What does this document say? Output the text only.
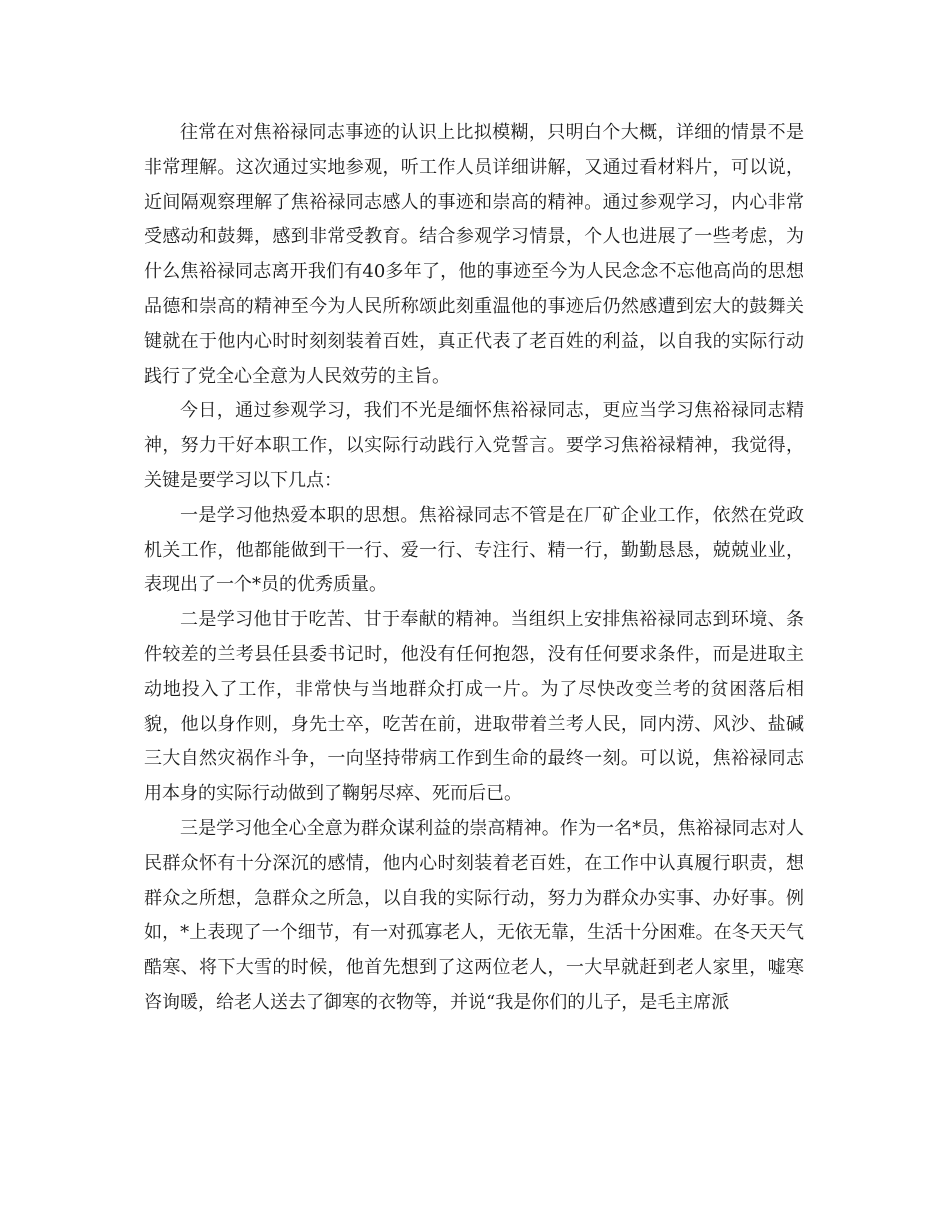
往常在对焦裕禄同志事迹的认识上比拟模糊，只明白个大概，详细的情景不是非常理解。这次通过实地参观，听工作人员详细讲解，又通过看材料片，可以说，近间隔观察理解了焦裕禄同志感人的事迹和崇高的精神。通过参观学习，内心非常受感动和鼓舞，感到非常受教育。结合参观学习情景，个人也进展了一些考虑，为什么焦裕禄同志离开我们有40多年了，他的事迹至今为人民念念不忘他高尚的思想品德和崇高的精神至今为人民所称颂此刻重温他的事迹后仍然感遭到宏大的鼓舞关键就在于他内心时时刻刻装着百姓，真正代表了老百姓的利益，以自我的实际行动践行了党全心全意为人民效劳的主旨。

今日，通过参观学习，我们不光是缅怀焦裕禄同志，更应当学习焦裕禄同志精神，努力干好本职工作，以实际行动践行入党誓言。要学习焦裕禄精神，我觉得，关键是要学习以下几点：

一是学习他热爱本职的思想。焦裕禄同志不管是在厂矿企业工作，依然在党政机关工作，他都能做到干一行、爱一行、专注行、精一行，勤勤恳恳，兢兢业业，表现出了一个*员的优秀质量。

二是学习他甘于吃苦、甘于奉献的精神。当组织上安排焦裕禄同志到环境、条件较差的兰考县任县委书记时，他没有任何抱怨，没有任何要求条件，而是进取主动地投入了工作，非常快与当地群众打成一片。为了尽快改变兰考的贫困落后相貌，他以身作则，身先士卒，吃苦在前，进取带着兰考人民，同内涝、风沙、盐碱三大自然灾祸作斗争，一向坚持带病工作到生命的最终一刻。可以说，焦裕禄同志用本身的实际行动做到了鞠躬尽瘁、死而后已。

三是学习他全心全意为群众谋利益的崇高精神。作为一名*员，焦裕禄同志对人民群众怀有十分深沉的感情，他内心时刻装着老百姓，在工作中认真履行职责，想群众之所想，急群众之所急，以自我的实际行动，努力为群众办实事、办好事。例如，*上表现了一个细节，有一对孤寡老人，无依无靠，生活十分困难。在冬天天气酷寒、将下大雪的时候，他首先想到了这两位老人，一大早就赶到老人家里，嘘寒咨询暖，给老人送去了御寒的衣物等，并说“我是你们的儿子，是毛主席派
